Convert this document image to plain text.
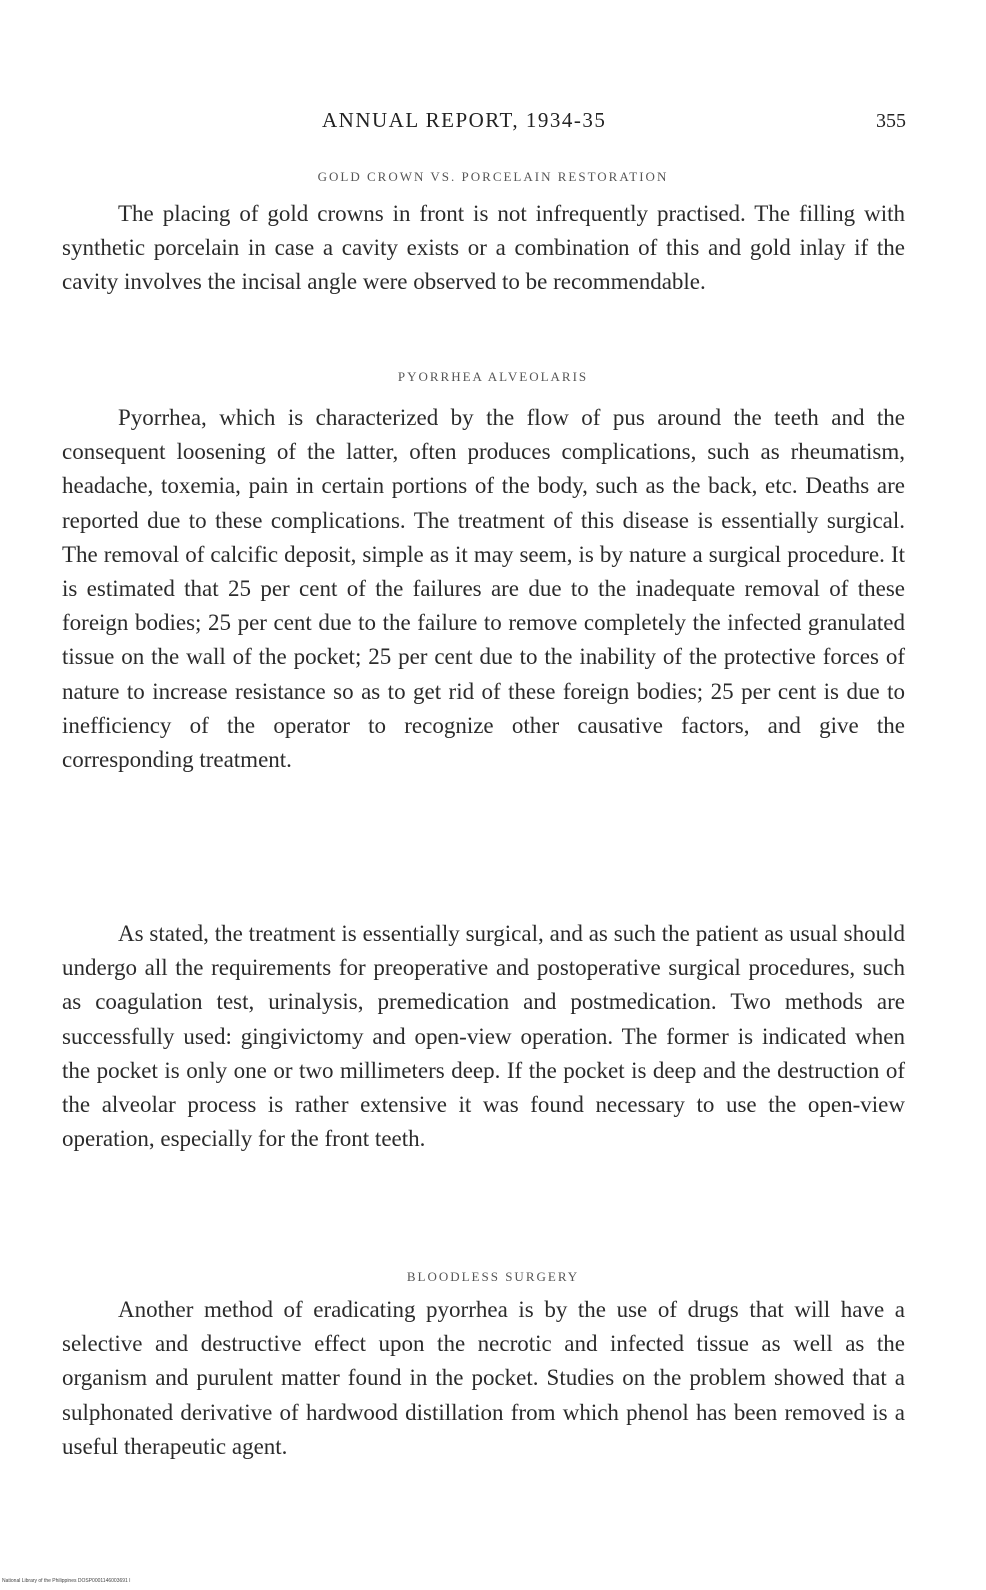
ANNUAL REPORT, 1934-35	355
GOLD CROWN VS. PORCELAIN RESTORATION

The placing of gold crowns in front is not infrequently practised. The filling with synthetic porcelain in case a cavity exists or a combination of this and gold inlay if the cavity involves the incisal angle were observed to be recommendable.

PYORRHEA ALVEOLARIS

Pyorrhea, which is characterized by the flow of pus around the teeth and the consequent loosening of the latter, often produces complications, such as rheumatism, headache, toxemia, pain in certain portions of the body, such as the back, etc. Deaths are reported due to these complications. The treatment of this disease is essentially surgical. The removal of calcific deposit, simple as it may seem, is by nature a surgical procedure. It is estimated that 25 per cent of the failures are due to the inadequate removal of these foreign bodies; 25 per cent due to the failure to remove completely the infected granulated tissue on the wall of the pocket; 25 per cent due to the inability of the protective forces of nature to increase resistance so as to get rid of these foreign bodies; 25 per cent is due to inefficiency of the operator to recognize other causative factors, and give the corresponding treatment.

As stated, the treatment is essentially surgical, and as such the patient as usual should undergo all the requirements for preoperative and postoperative surgical procedures, such as coagulation test, urinalysis, premedication and postmedication. Two methods are successfully used: gingivictomy and open-view operation. The former is indicated when the pocket is only one or two millimeters deep. If the pocket is deep and the destruction of the alveolar process is rather extensive it was found necessary to use the open-view operation, especially for the front teeth.

BLOODLESS SURGERY

Another method of eradicating pyorrhea is by the use of drugs that will have a selective and destructive effect upon the necrotic and infected tissue as well as the organism and purulent matter found in the pocket. Studies on the problem showed that a sulphonated derivative of hardwood distillation from which phenol has been removed is a useful therapeutic agent.

National Library of the Philippines DOSP0001146003691 l
